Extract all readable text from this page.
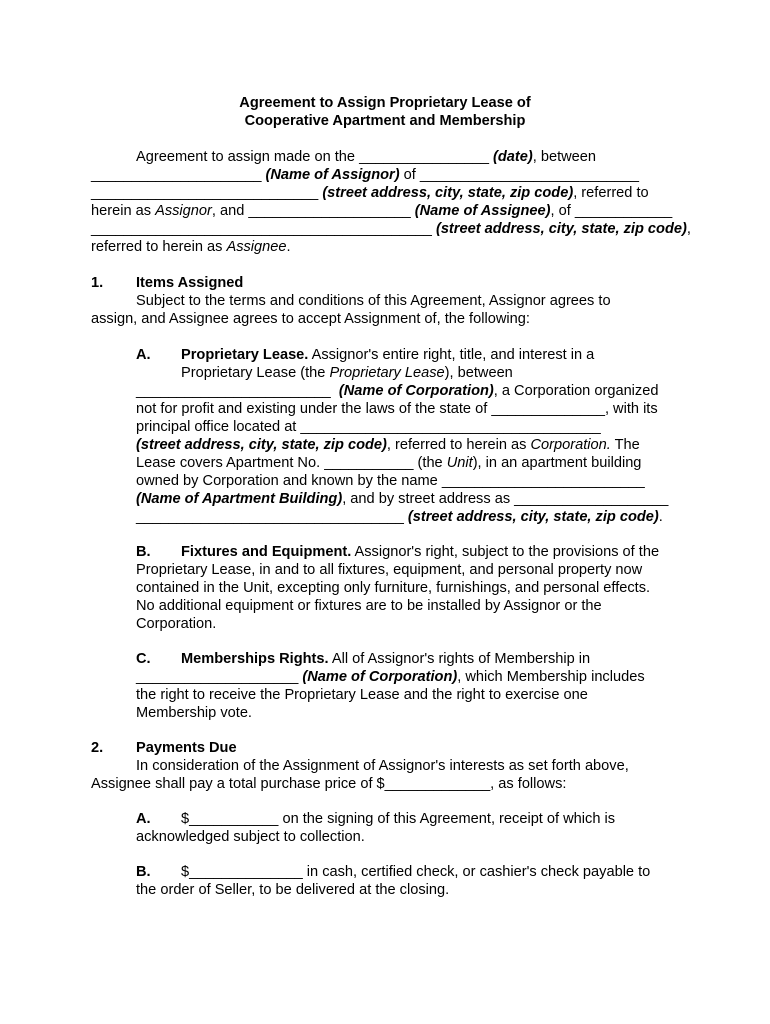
Agreement to Assign Proprietary Lease of
Cooperative Apartment and Membership
Agreement to assign made on the ________________ (date), between
_____________________ (Name of Assignor) of ___________________________
____________________________ (street address, city, state, zip code), referred to
herein as Assignor, and ____________________ (Name of Assignee), of ____________
__________________________________________ (street address, city, state, zip code),
referred to herein as Assignee.
1. Items Assigned
Subject to the terms and conditions of this Agreement, Assignor agrees to
assign, and Assignee agrees to accept Assignment of, the following:
A. Proprietary Lease. Assignor's entire right, title, and interest in a
Proprietary Lease (the Proprietary Lease), between
________________________  (Name of Corporation), a Corporation organized
not for profit and existing under the laws of the state of ______________, with its
principal office located at _____________________________________
(street address, city, state, zip code), referred to herein as Corporation. The
Lease covers Apartment No. ___________ (the Unit), in an apartment building
owned by Corporation and known by the name _________________________
(Name of Apartment Building), and by street address as ___________________
_________________________________ (street address, city, state, zip code).
B. Fixtures and Equipment. Assignor's right, subject to the provisions of the
Proprietary Lease, in and to all fixtures, equipment, and personal property now
contained in the Unit, excepting only furniture, furnishings, and personal effects.
No additional equipment or fixtures are to be installed by Assignor or the
Corporation.
C. Memberships Rights. All of Assignor's rights of Membership in
____________________ (Name of Corporation), which Membership includes
the right to receive the Proprietary Lease and the right to exercise one
Membership vote.
2. Payments Due
In consideration of the Assignment of Assignor's interests as set forth above,
Assignee shall pay a total purchase price of $_____________, as follows:
A. $___________ on the signing of this Agreement, receipt of which is
acknowledged subject to collection.
B. $______________ in cash, certified check, or cashier's check payable to
the order of Seller, to be delivered at the closing.
